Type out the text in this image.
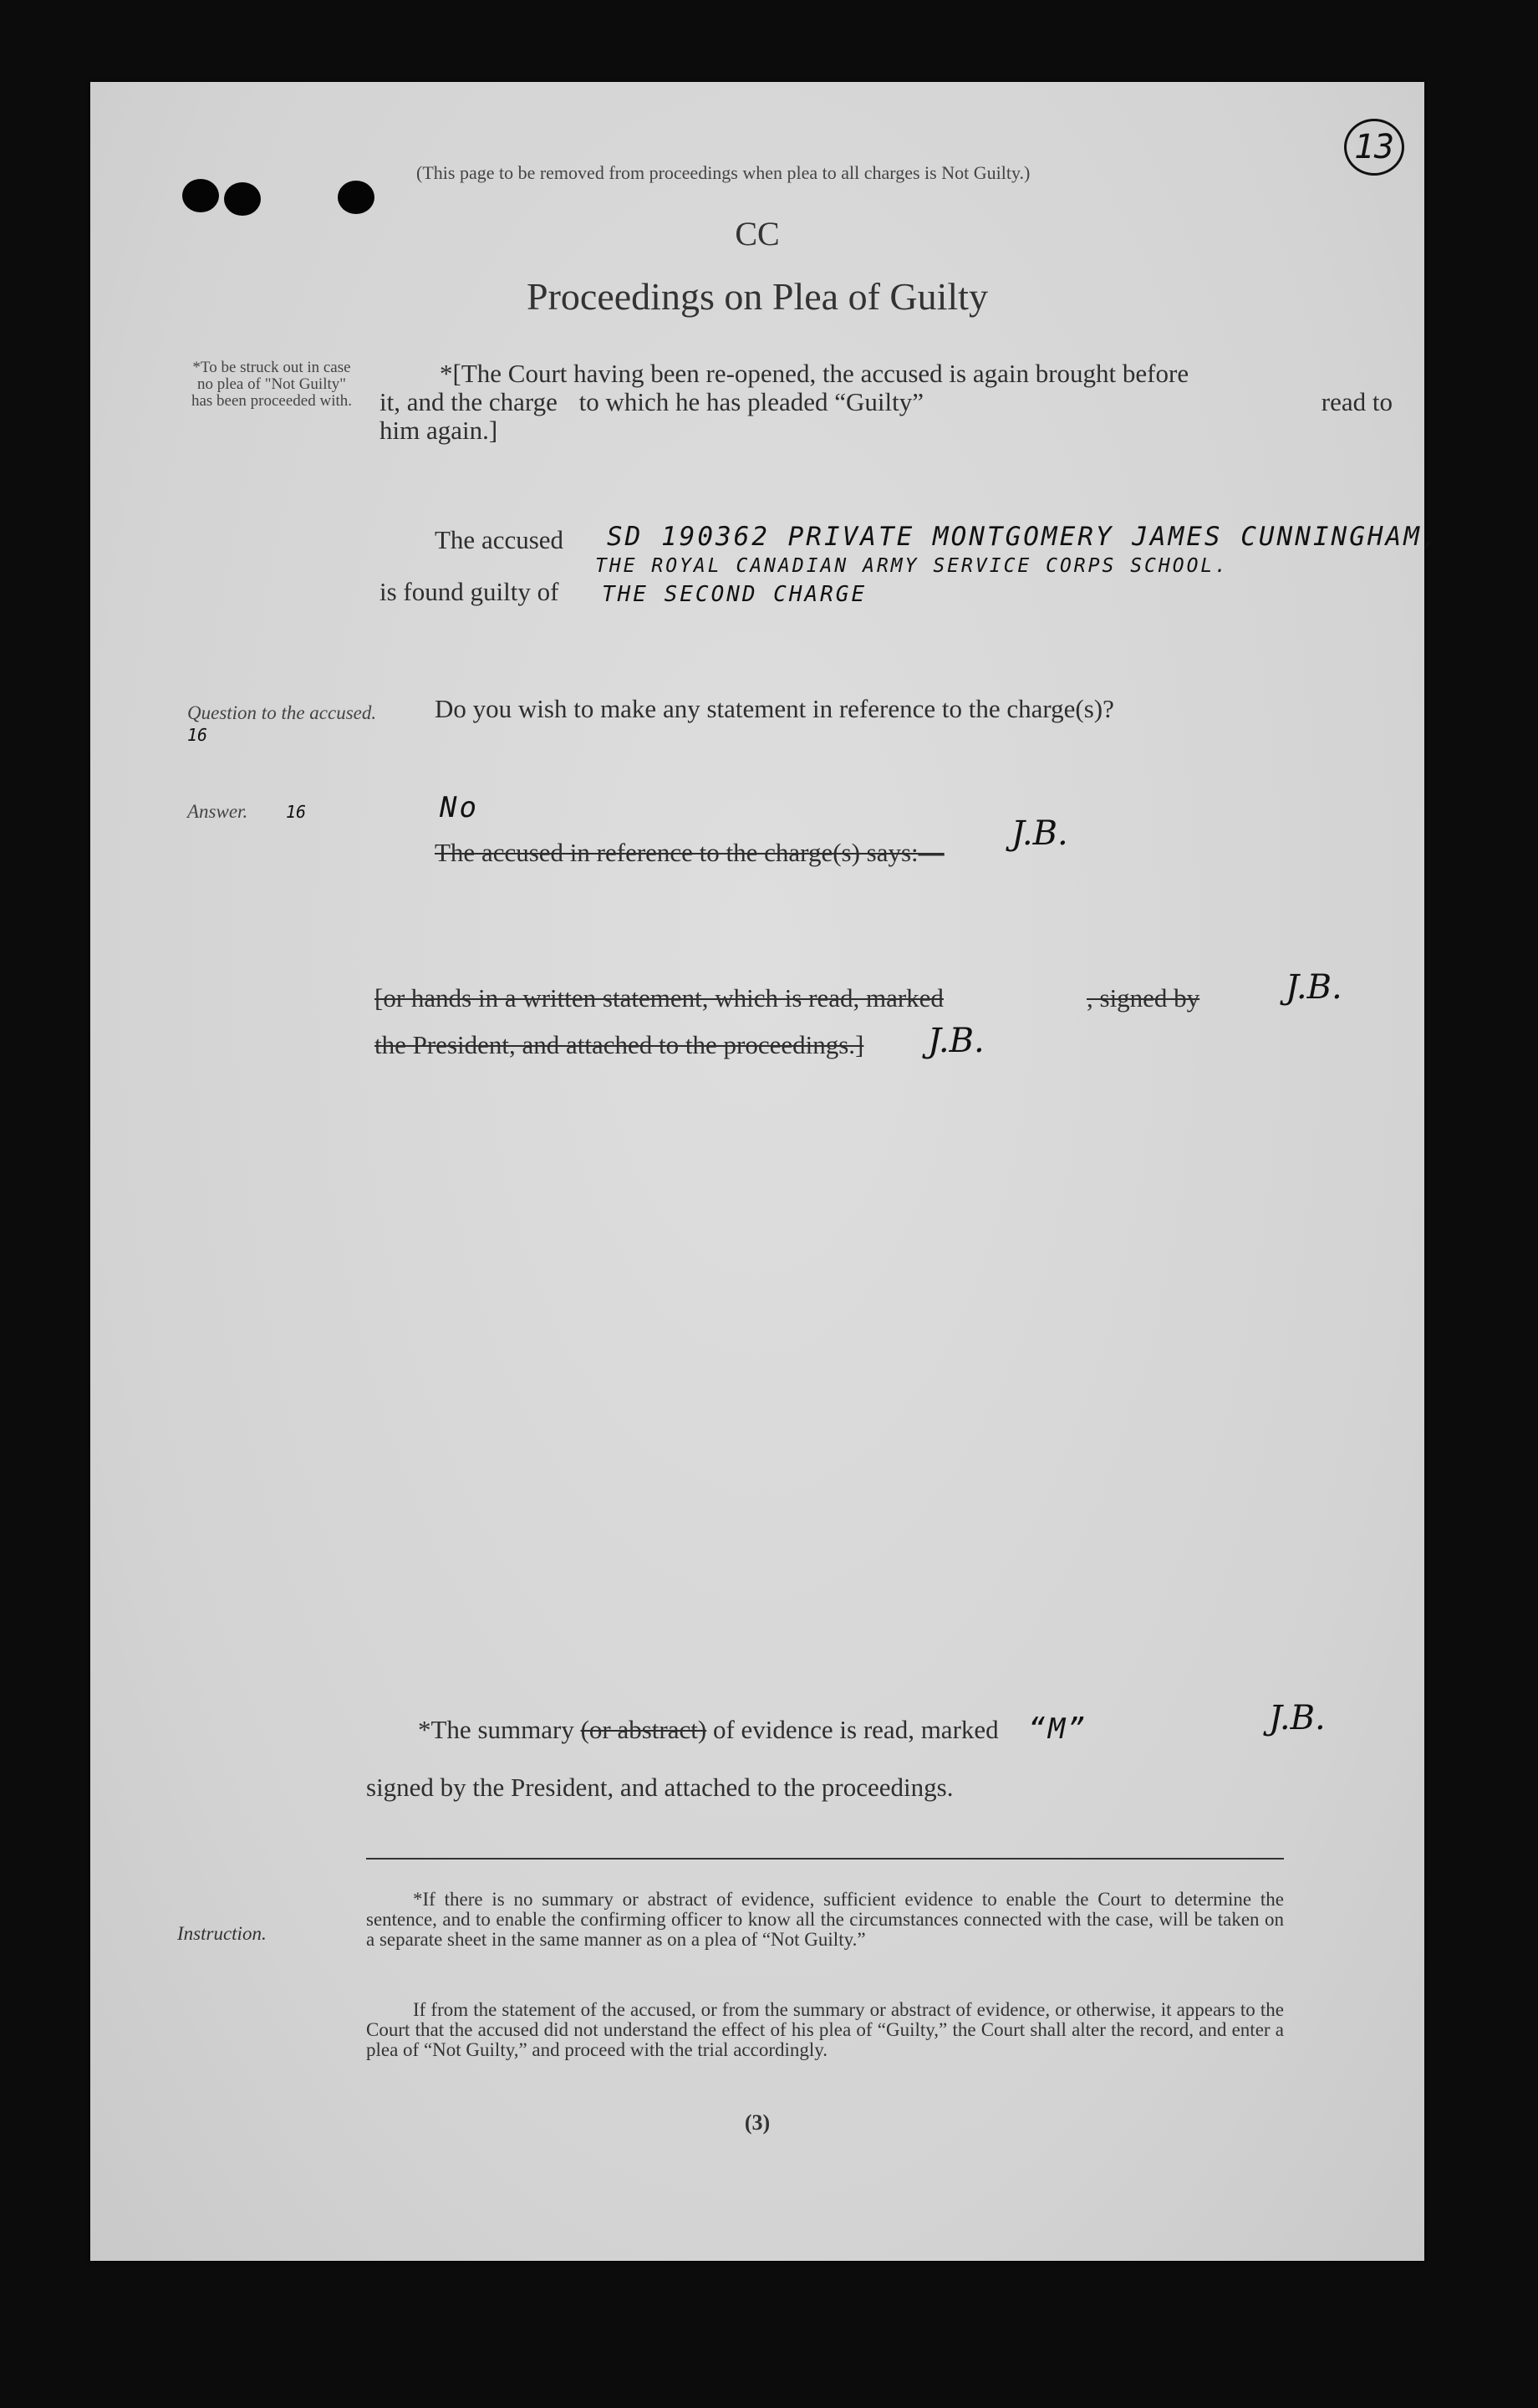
(This page to be removed from proceedings when plea to all charges is Not Guilty.)
13
CC
Proceedings on Plea of Guilty
*To be struck out in case no plea of "Not Guilty" has been proceeded with.

*[The Court having been re-opened, the accused is again brought before

it, and the charge to which he has pleaded “Guilty”	read to

him again.]

The accused SD 190362 PRIVATE MONTGOMERY JAMES CUNNINGHAM,
THE ROYAL CANADIAN ARMY SERVICE CORPS SCHOOL.
is found guilty of THE SECOND CHARGE
Question to the accused. 16
Do you wish to make any statement in reference to the charge(s)?
Answer. 16	No
The accused in reference to the charge(s) says:— J.B.
[or hands in a written statement, which is read, marked	, signed by	J.B.
the President, and attached to the proceedings.] J.B.
*The summary (or abstract) of evidence is read, marked “M”	J.B.
signed by the President, and attached to the proceedings.
Instruction.
*If there is no summary or abstract of evidence, sufficient evidence to enable the Court to determine the sentence, and to enable the confirming officer to know all the circumstances connected with the case, will be taken on a separate sheet in the same manner as on a plea of “Not Guilty.”
If from the statement of the accused, or from the summary or abstract of evidence, or otherwise, it appears to the Court that the accused did not understand the effect of his plea of “Guilty,” the Court shall alter the record, and enter a plea of “Not Guilty,” and proceed with the trial accordingly.
(3)
